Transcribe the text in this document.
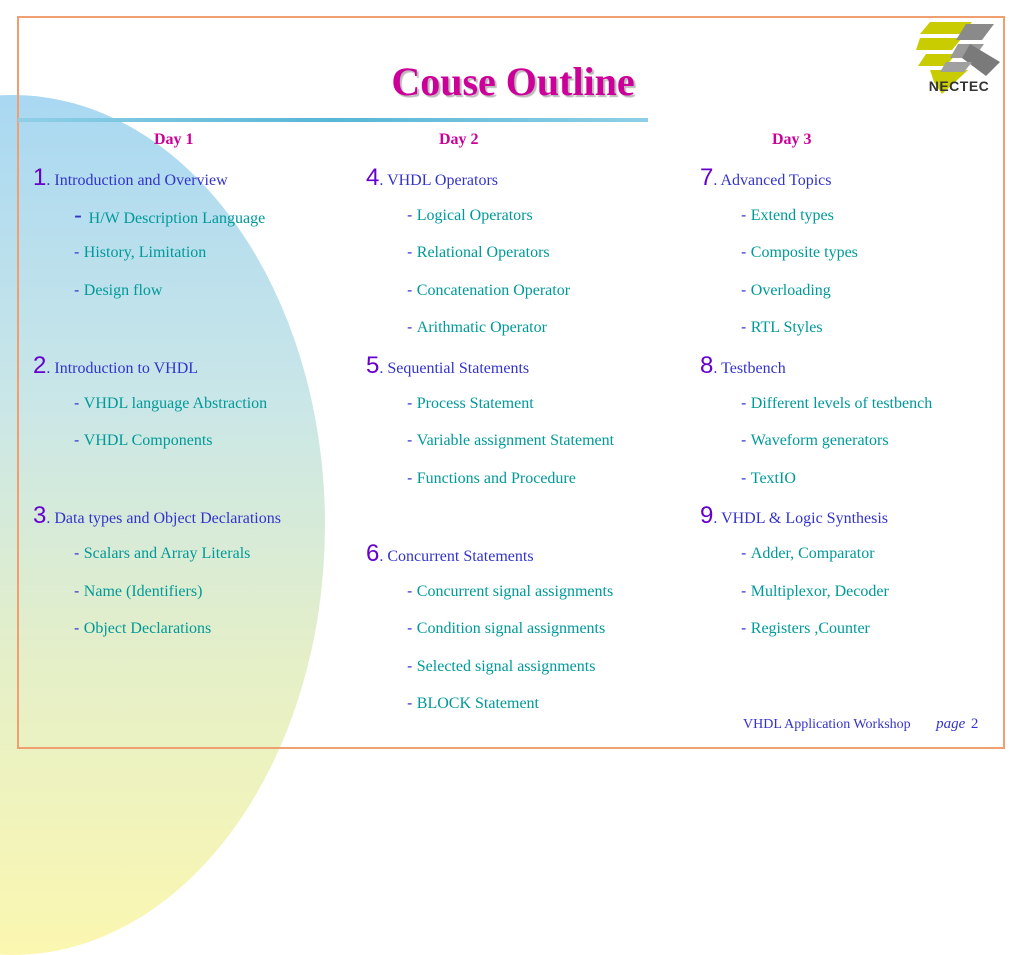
Couse Outline	NECTEC
Day 1
1. Introduction and Overview
- H/W Description Language
- History, Limitation
- Design flow
2. Introduction to VHDL
- VHDL language Abstraction
- VHDL Components
3. Data types and Object Declarations
- Scalars and Array Literals
- Name (Identifiers)
- Object Declarations
Day 2
4. VHDL Operators
- Logical Operators
- Relational Operators
- Concatenation Operator
- Arithmatic Operator
5. Sequential Statements
- Process Statement
- Variable assignment Statement
- Functions and Procedure
6. Concurrent Statements
- Concurrent signal assignments
- Condition signal assignments
- Selected signal assignments
- BLOCK Statement
Day 3
7. Advanced Topics
- Extend types
- Composite types
- Overloading
- RTL Styles
8. Testbench
- Different levels of testbench
- Waveform generators
- TextIO
9. VHDL & Logic Synthesis
- Adder, Comparator
- Multiplexor, Decoder
- Registers ,Counter
VHDL Application Workshop page 2
